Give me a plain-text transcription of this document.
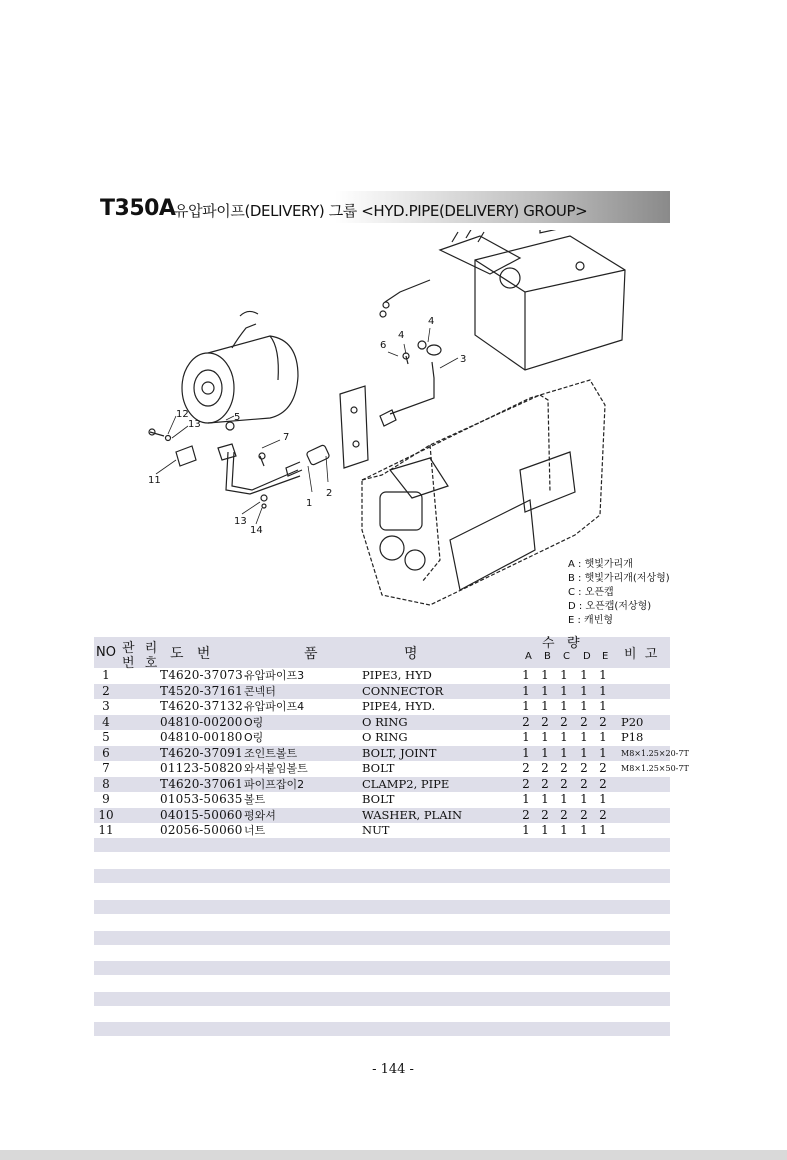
T350A
유압파이프(DELIVERY) 그룹 <HYD.PIPE(DELIVERY) GROUP>
1
2
3
4
4
5
6
7
11
12
13
13
14
A : 햇빛가리개
B : 햇빛가리개(저상형)
C : 오픈캡
D : 오픈캡(저상형)
E : 캐빈형
NO 관 리
번 호
도   번	품	명
수   량
A B C D E 비  고
1	T4620-37073 유압파이프3	PIPE3, HYD	1 1 1 1 1
2	T4520-37161 콘넥터	CONNECTOR	1 1 1 1 1
3	T4620-37132 유압파이프4	PIPE4, HYD.	1 1 1 1 1
4	04810-00200 O링	O RING	2 2 2 2 2 P20
5	04810-00180 O링	O RING	1 1 1 1 1 P18
6	T4620-37091 조인트볼트	BOLT, JOINT	1 1 1 1 1 M8×1.25×20-7T
7	01123-50820 와셔붙임볼트	BOLT	2 2 2 2 2 M8×1.25×50-7T
8	T4620-37061 파이프잡이2	CLAMP2, PIPE	2 2 2 2 2
9	01053-50635 볼트	BOLT	1 1 1 1 1
10	04015-50060 평와셔	WASHER, PLAIN	2 2 2 2 2
11	02056-50060 너트	NUT	1 1 1 1 1
- 144 -
